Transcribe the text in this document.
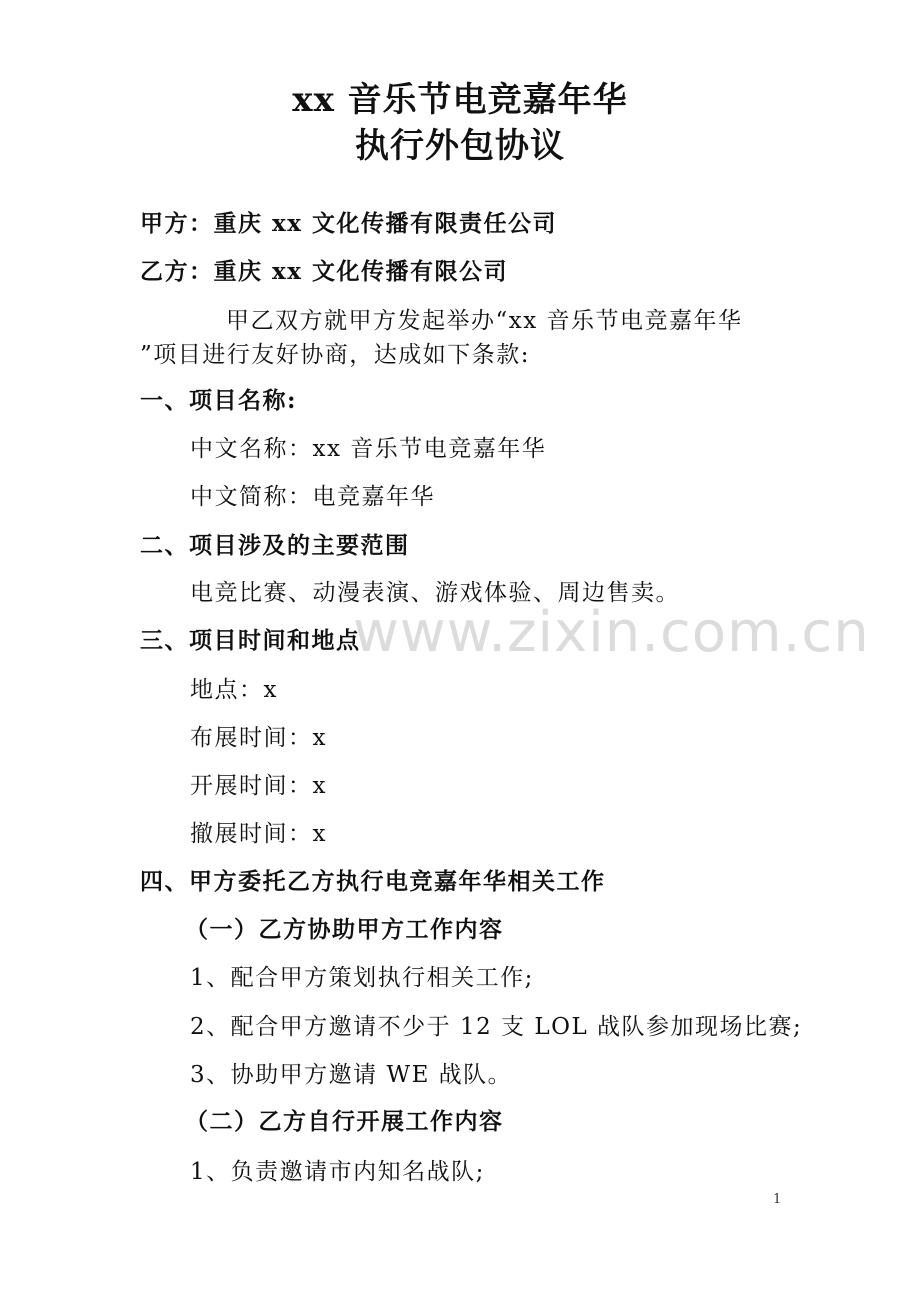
xx 音乐节电竞嘉年华
执行外包协议
甲方：重庆 xx 文化传播有限责任公司
乙方：重庆 xx 文化传播有限公司
甲乙双方就甲方发起举办“xx 音乐节电竞嘉年华
”项目进行友好协商，达成如下条款:
一、项目名称:
中文名称：xx 音乐节电竞嘉年华
中文简称：电竞嘉年华
二、项目涉及的主要范围
电竞比赛、动漫表演、游戏体验、周边售卖。
www.zixin.com.cn
三、项目时间和地点
地点：x
布展时间：x
开展时间：x
撤展时间：x
四、甲方委托乙方执行电竞嘉年华相关工作
（一）乙方协助甲方工作内容
1、配合甲方策划执行相关工作;
2、配合甲方邀请不少于 12 支 LOL 战队参加现场比赛;
3、协助甲方邀请 WE 战队。
（二）乙方自行开展工作内容
1、负责邀请市内知名战队;
1
